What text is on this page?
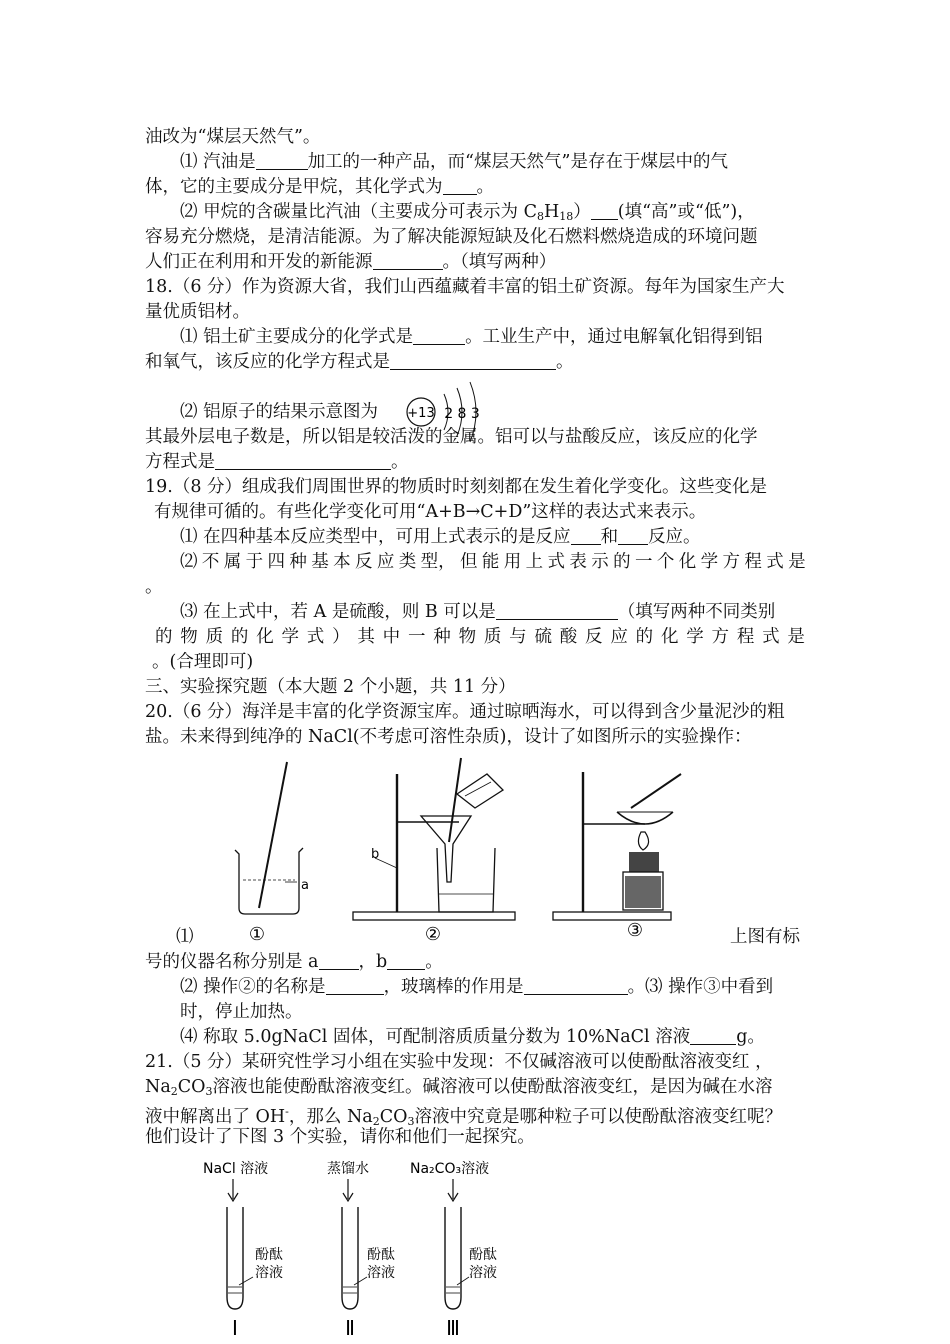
油改为“煤层天然气”。
⑴ 汽油是	加工的一种产品，而“煤层天然气”是存在于煤层中的气
体，它的主要成分是甲烷，其化学式为 。
⑵ 甲烷的含碳量比汽油（主要成分可表示为 $C_8H_{18}$） (填“高”或“低”)，
容易充分燃烧，是清洁能源。为了解决能源短缺及化石燃料燃烧造成的环境问题
人们正在利用和开发的新能源	。（填写两种）
18.（6 分）作为资源大省，我们山西蕴藏着丰富的铝土矿资源。每年为国家生产大
量优质铝材。
⑴ 铝土矿主要成分的化学式是	。工业生产中，通过电解氧化铝得到铝
和氧气，该反应的化学方程式是	。
⑵ 铝原子的结果示意图为 +13 2 8 3
其最外层电子数是，所以铝是较活泼的金属。铝可以与盐酸反应，该反应的化学
方程式是	。
19.（8 分）组成我们周围世界的物质时时刻刻都在发生着化学变化。这些变化是
有规律可循的。有些化学变化可用“A+B→C+D”这样的表达式来表示。
⑴ 在四种基本反应类型中，可用上式表示的是反应 和 反应。
⑵ 不 属 于 四 种 基 本 反 应 类 型， 但 能 用 上 式 表 示 的 一 个 化 学 方 程 式 是
。
⑶ 在上式中，若 A 是硫酸，则 B 可以是	（填写两种不同类别
的 物 质 的 化 学 式 ） 其 中 一 种 物 质 与 硫 酸 反 应 的 化 学 方 程 式 是
。(合理即可)
三、实验探究题（本大题 2 个小题，共 11 分）
20.（6 分）海洋是丰富的化学资源宝库。通过晾晒海水，可以得到含少量泥沙的粗
盐。未来得到纯净的 NaCl(不考虑可溶性杂质)，设计了如图所示的实验操作：
a
①
b
②	③
⑴	上图有标
号的仪器名称分别是 a ，b 。
⑵ 操作②的名称是	，玻璃棒的作用是	。⑶ 操作③中看到
时，停止加热。
⑷ 称取 5.0gNaCl 固体，可配制溶质质量分数为 10%NaCl 溶液	g。
21.（5 分）某研究性学习小组在实验中发现：不仅碱溶液可以使酚酞溶液变红 ，
$Na_2CO_3$溶液也能使酚酞溶液变红。碱溶液可以使酚酞溶液变红，是因为碱在水溶
液中解离出了 OH-，那么 $Na_2CO_3$溶液中究竟是哪种粒子可以使酚酞溶液变红呢？
他们设计了下图 3 个实验，请你和他们一起探究。
NaCl 溶液
酚酞
溶液
Ⅰ
蒸馏水
酚酞
溶液
Ⅱ
Na₂CO₃溶液
酚酞
溶液
Ⅲ
